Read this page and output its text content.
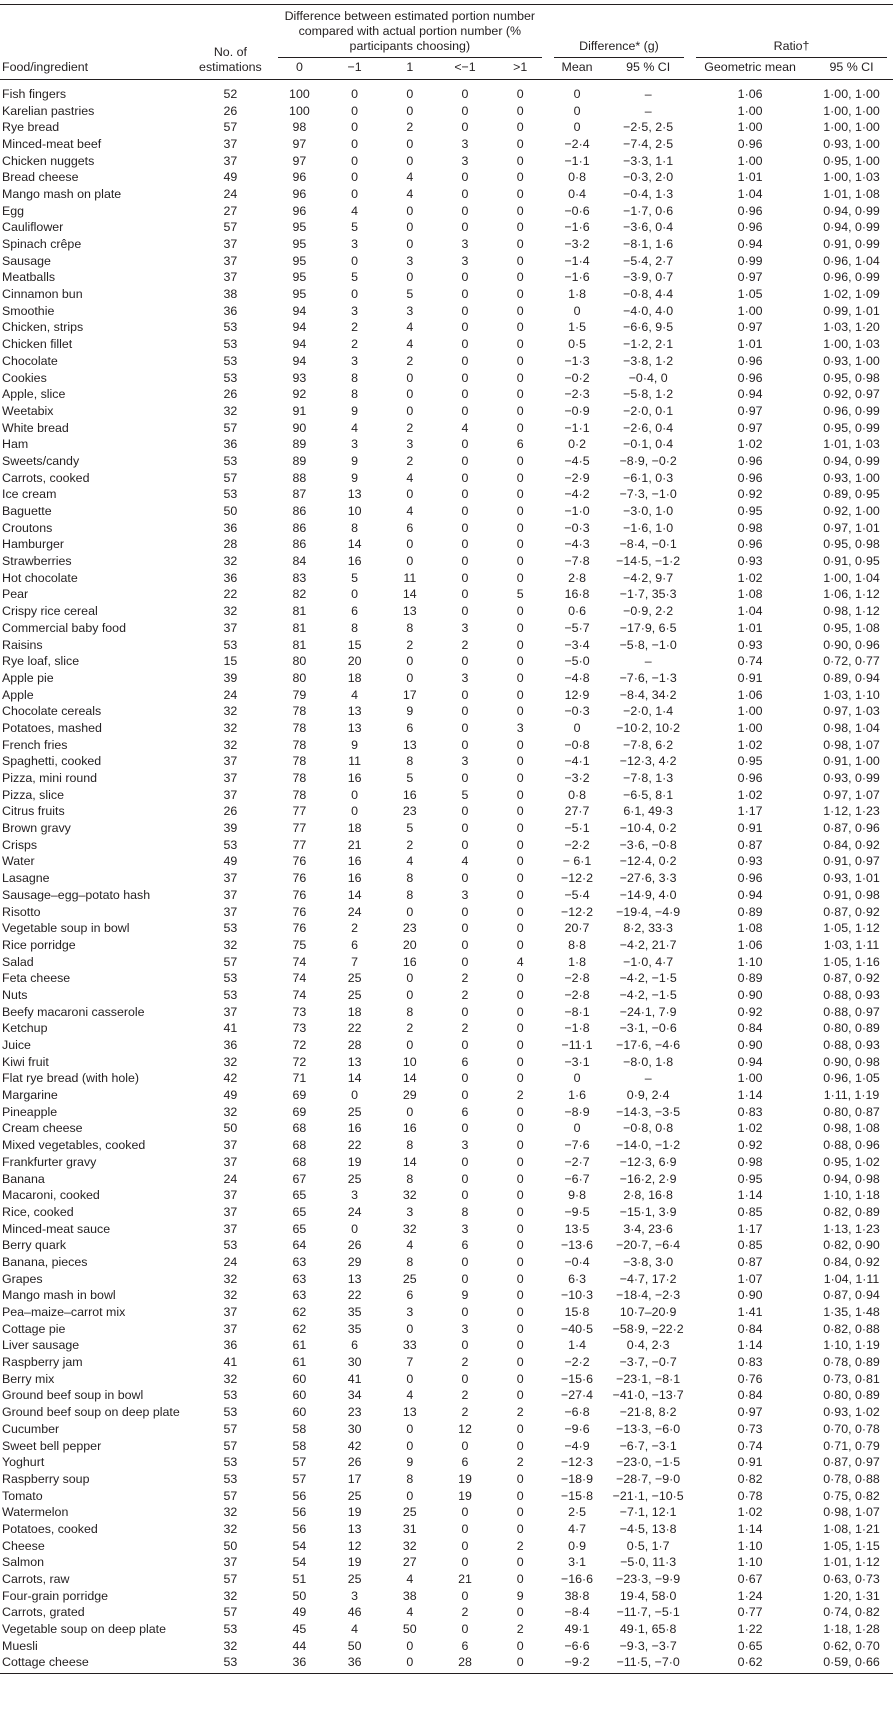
Food/ingredient	No. of estimations	Difference between estimated portion number compared with actual portion number (% participants choosing)					Difference* (g)		Ratio†	

		0	−1	1	<−1	>1	Mean	95 % CI	Geometric mean	95 % CI
Fish fingers	52	100	0	0	0	0	0	–	1·06	1·00, 1·00
Karelian pastries	26	100	0	0	0	0	0	–	1·00	1·00, 1·00
Rye bread	57	98	0	2	0	0	0	−2·5, 2·5	1·00	1·00, 1·00
Minced-meat beef	37	97	0	0	3	0	−2·4	−7·4, 2·5	0·96	0·93, 1·00
Chicken nuggets	37	97	0	0	3	0	−1·1	−3·3, 1·1	1·00	0·95, 1·00
Bread cheese	49	96	0	4	0	0	0·8	−0·3, 2·0	1·01	1·00, 1·03
Mango mash on plate	24	96	0	4	0	0	0·4	−0·4, 1·3	1·04	1·01, 1·08
Egg	27	96	4	0	0	0	−0·6	−1·7, 0·6	0·96	0·94, 0·99
Cauliflower	57	95	5	0	0	0	−1·6	−3·6, 0·4	0·96	0·94, 0·99
Spinach crêpe	37	95	3	0	3	0	−3·2	−8·1, 1·6	0·94	0·91, 0·99
Sausage	37	95	0	3	3	0	−1·4	−5·4, 2·7	0·99	0·96, 1·04
Meatballs	37	95	5	0	0	0	−1·6	−3·9, 0·7	0·97	0·96, 0·99
Cinnamon bun	38	95	0	5	0	0	1·8	−0·8, 4·4	1·05	1·02, 1·09
Smoothie	36	94	3	3	0	0	0	−4·0, 4·0	1·00	0·99, 1·01
Chicken, strips	53	94	2	4	0	0	1·5	−6·6, 9·5	0·97	1·03, 1·20
Chicken fillet	53	94	2	4	0	0	0·5	−1·2, 2·1	1·01	1·00, 1·03
Chocolate	53	94	3	2	0	0	−1·3	−3·8, 1·2	0·96	0·93, 1·00
Cookies	53	93	8	0	0	0	−0·2	−0·4, 0	0·96	0·95, 0·98
Apple, slice	26	92	8	0	0	0	−2·3	−5·8, 1·2	0·94	0·92, 0·97
Weetabix	32	91	9	0	0	0	−0·9	−2·0, 0·1	0·97	0·96, 0·99
White bread	57	90	4	2	4	0	−1·1	−2·6, 0·4	0·97	0·95, 0·99
Ham	36	89	3	3	0	6	0·2	−0·1, 0·4	1·02	1·01, 1·03
Sweets/candy	53	89	9	2	0	0	−4·5	−8·9, −0·2	0·96	0·94, 0·99
Carrots, cooked	57	88	9	4	0	0	−2·9	−6·1, 0·3	0·96	0·93, 1·00
Ice cream	53	87	13	0	0	0	−4·2	−7·3, −1·0	0·92	0·89, 0·95
Baguette	50	86	10	4	0	0	−1·0	−3·0, 1·0	0·95	0·92, 1·00
Croutons	36	86	8	6	0	0	−0·3	−1·6, 1·0	0·98	0·97, 1·01
Hamburger	28	86	14	0	0	0	−4·3	−8·4, −0·1	0·96	0·95, 0·98
Strawberries	32	84	16	0	0	0	−7·8	−14·5, −1·2	0·93	0·91, 0·95
Hot chocolate	36	83	5	11	0	0	2·8	−4·2, 9·7	1·02	1·00, 1·04
Pear	22	82	0	14	0	5	16·8	−1·7, 35·3	1·08	1·06, 1·12
Crispy rice cereal	32	81	6	13	0	0	0·6	−0·9, 2·2	1·04	0·98, 1·12
Commercial baby food	37	81	8	8	3	0	−5·7	−17·9, 6·5	1·01	0·95, 1·08
Raisins	53	81	15	2	2	0	−3·4	−5·8, −1·0	0·93	0·90, 0·96
Rye loaf, slice	15	80	20	0	0	0	−5·0	–	0·74	0·72, 0·77
Apple pie	39	80	18	0	3	0	−4·8	−7·6, −1·3	0·91	0·89, 0·94
Apple	24	79	4	17	0	0	12·9	−8·4, 34·2	1·06	1·03, 1·10
Chocolate cereals	32	78	13	9	0	0	−0·3	−2·0, 1·4	1·00	0·97, 1·03
Potatoes, mashed	32	78	13	6	0	3	0	−10·2, 10·2	1·00	0·98, 1·04
French fries	32	78	9	13	0	0	−0·8	−7·8, 6·2	1·02	0·98, 1·07
Spaghetti, cooked	37	78	11	8	3	0	−4·1	−12·3, 4·2	0·95	0·91, 1·00
Pizza, mini round	37	78	16	5	0	0	−3·2	−7·8, 1·3	0·96	0·93, 0·99
Pizza, slice	37	78	0	16	5	0	0·8	−6·5, 8·1	1·02	0·97, 1·07
Citrus fruits	26	77	0	23	0	0	27·7	6·1, 49·3	1·17	1·12, 1·23
Brown gravy	39	77	18	5	0	0	−5·1	−10·4, 0·2	0·91	0·87, 0·96
Crisps	53	77	21	2	0	0	−2·2	−3·6, −0·8	0·87	0·84, 0·92
Water	49	76	16	4	4	0	− 6·1	−12·4, 0·2	0·93	0·91, 0·97
Lasagne	37	76	16	8	0	0	−12·2	−27·6, 3·3	0·96	0·93, 1·01
Sausage–egg–potato hash	37	76	14	8	3	0	−5·4	−14·9, 4·0	0·94	0·91, 0·98
Risotto	37	76	24	0	0	0	−12·2	−19·4, −4·9	0·89	0·87, 0·92
Vegetable soup in bowl	53	76	2	23	0	0	20·7	8·2, 33·3	1·08	1·05, 1·12
Rice porridge	32	75	6	20	0	0	8·8	−4·2, 21·7	1·06	1·03, 1·11
Salad	57	74	7	16	0	4	1·8	−1·0, 4·7	1·10	1·05, 1·16
Feta cheese	53	74	25	0	2	0	−2·8	−4·2, −1·5	0·89	0·87, 0·92
Nuts	53	74	25	0	2	0	−2·8	−4·2, −1·5	0·90	0·88, 0·93
Beefy macaroni casserole	37	73	18	8	0	0	−8·1	−24·1, 7·9	0·92	0·88, 0·97
Ketchup	41	73	22	2	2	0	−1·8	−3·1, −0·6	0·84	0·80, 0·89
Juice	36	72	28	0	0	0	−11·1	−17·6, −4·6	0·90	0·88, 0·93
Kiwi fruit	32	72	13	10	6	0	−3·1	−8·0, 1·8	0·94	0·90, 0·98
Flat rye bread (with hole)	42	71	14	14	0	0	0	–	1·00	0·96, 1·05
Margarine	49	69	0	29	0	2	1·6	0·9, 2·4	1·14	1·11, 1·19
Pineapple	32	69	25	0	6	0	−8·9	−14·3, −3·5	0·83	0·80, 0·87
Cream cheese	50	68	16	16	0	0	0	−0·8, 0·8	1·02	0·98, 1·08
Mixed vegetables, cooked	37	68	22	8	3	0	−7·6	−14·0, −1·2	0·92	0·88, 0·96
Frankfurter gravy	37	68	19	14	0	0	−2·7	−12·3, 6·9	0·98	0·95, 1·02
Banana	24	67	25	8	0	0	−6·7	−16·2, 2·9	0·95	0·94, 0·98
Macaroni, cooked	37	65	3	32	0	0	9·8	2·8, 16·8	1·14	1·10, 1·18
Rice, cooked	37	65	24	3	8	0	−9·5	−15·1, 3·9	0·85	0·82, 0·89
Minced-meat sauce	37	65	0	32	3	0	13·5	3·4, 23·6	1·17	1·13, 1·23
Berry quark	53	64	26	4	6	0	−13·6	−20·7, −6·4	0·85	0·82, 0·90
Banana, pieces	24	63	29	8	0	0	−0·4	−3·8, 3·0	0·87	0·84, 0·92
Grapes	32	63	13	25	0	0	6·3	−4·7, 17·2	1·07	1·04, 1·11
Mango mash in bowl	32	63	22	6	9	0	−10·3	−18·4, −2·3	0·90	0·87, 0·94
Pea–maize–carrot mix	37	62	35	3	0	0	15·8	10·7–20·9	1·41	1·35, 1·48
Cottage pie	37	62	35	0	3	0	−40·5	−58·9, −22·2	0·84	0·82, 0·88
Liver sausage	36	61	6	33	0	0	1·4	0·4, 2·3	1·14	1·10, 1·19
Raspberry jam	41	61	30	7	2	0	−2·2	−3·7, −0·7	0·83	0·78, 0·89
Berry mix	32	60	41	0	0	0	−15·6	−23·1, −8·1	0·76	0·73, 0·81
Ground beef soup in bowl	53	60	34	4	2	0	−27·4	−41·0, −13·7	0·84	0·80, 0·89
Ground beef soup on deep plate	53	60	23	13	2	2	−6·8	−21·8, 8·2	0·97	0·93, 1·02
Cucumber	57	58	30	0	12	0	−9·6	−13·3, −6·0	0·73	0·70, 0·78
Sweet bell pepper	57	58	42	0	0	0	−4·9	−6·7, −3·1	0·74	0·71, 0·79
Yoghurt	53	57	26	9	6	2	−12·3	−23·0, −1·5	0·91	0·87, 0·97
Raspberry soup	53	57	17	8	19	0	−18·9	−28·7, −9·0	0·82	0·78, 0·88
Tomato	57	56	25	0	19	0	−15·8	−21·1, −10·5	0·78	0·75, 0·82
Watermelon	32	56	19	25	0	0	2·5	−7·1, 12·1	1·02	0·98, 1·07
Potatoes, cooked	32	56	13	31	0	0	4·7	−4·5, 13·8	1·14	1·08, 1·21
Cheese	50	54	12	32	0	2	0·9	0·5, 1·7	1·10	1·05, 1·15
Salmon	37	54	19	27	0	0	3·1	−5·0, 11·3	1·10	1·01, 1·12
Carrots, raw	57	51	25	4	21	0	−16·6	−23·3, −9·9	0·67	0·63, 0·73
Four-grain porridge	32	50	3	38	0	9	38·8	19·4, 58·0	1·24	1·20, 1·31
Carrots, grated	57	49	46	4	2	0	−8·4	−11·7, −5·1	0·77	0·74, 0·82
Vegetable soup on deep plate	53	45	4	50	0	2	49·1	49·1, 65·8	1·22	1·18, 1·28
Muesli	32	44	50	0	6	0	−6·6	−9·3, −3·7	0·65	0·62, 0·70
Cottage cheese	53	36	36	0	28	0	−9·2	−11·5, −7·0	0·62	0·59, 0·66
